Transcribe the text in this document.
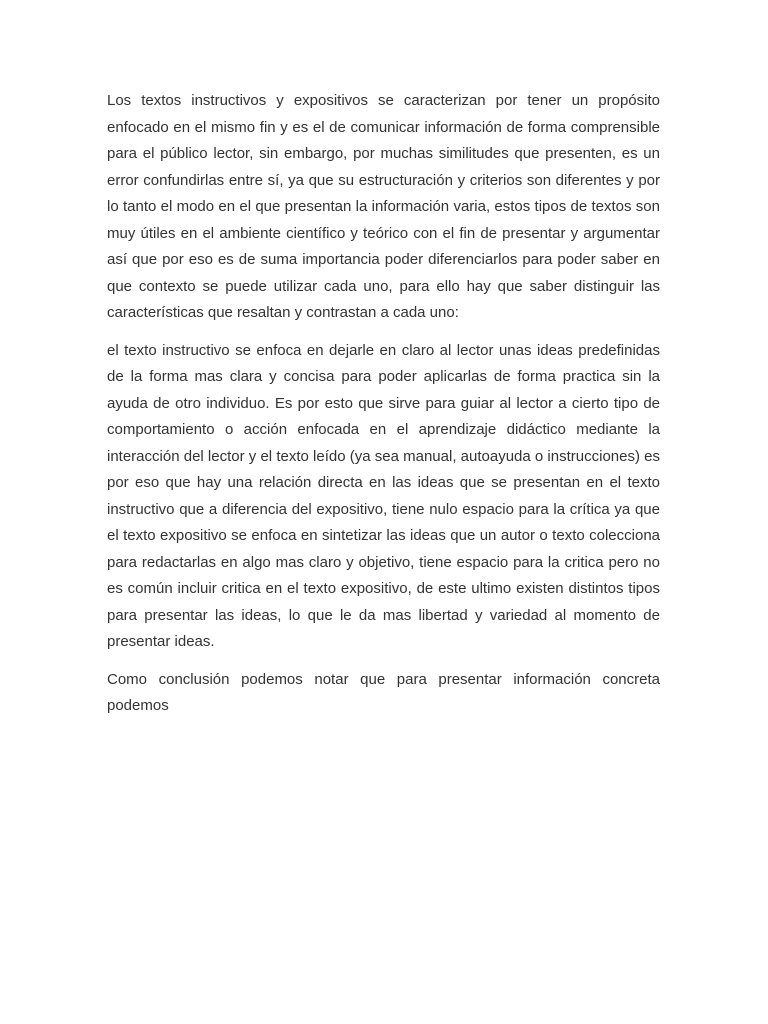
Los textos instructivos y expositivos se caracterizan por tener un propósito enfocado en el mismo fin y es el de comunicar información de forma comprensible para el público lector, sin embargo, por muchas similitudes que presenten, es un error confundirlas entre sí, ya que su estructuración y criterios son diferentes y por lo tanto el modo en el que presentan la información varia, estos tipos de textos son muy útiles en el ambiente científico y teórico con el fin de presentar y argumentar así que por eso es de suma importancia poder diferenciarlos para poder saber en que contexto se puede utilizar cada uno, para ello hay que saber distinguir las características que resaltan y contrastan a cada uno:

el texto instructivo se enfoca en dejarle en claro al lector unas ideas predefinidas de la forma mas clara y concisa para poder aplicarlas de forma practica sin la ayuda de otro individuo. Es por esto que sirve para guiar al lector a cierto tipo de comportamiento o acción enfocada en el aprendizaje didáctico mediante la interacción del lector y el texto leído (ya sea manual, autoayuda o instrucciones) es por eso que hay una relación directa en las ideas que se presentan en el texto instructivo que a diferencia del expositivo, tiene nulo espacio para la crítica ya que el texto expositivo se enfoca en sintetizar las ideas que un autor o texto colecciona para redactarlas en algo mas claro y objetivo, tiene espacio para la critica pero no es común incluir critica en el texto expositivo, de este ultimo existen distintos tipos para presentar las ideas, lo que le da mas libertad y variedad al momento de presentar ideas.

Como conclusión podemos notar que para presentar información concreta podemos
